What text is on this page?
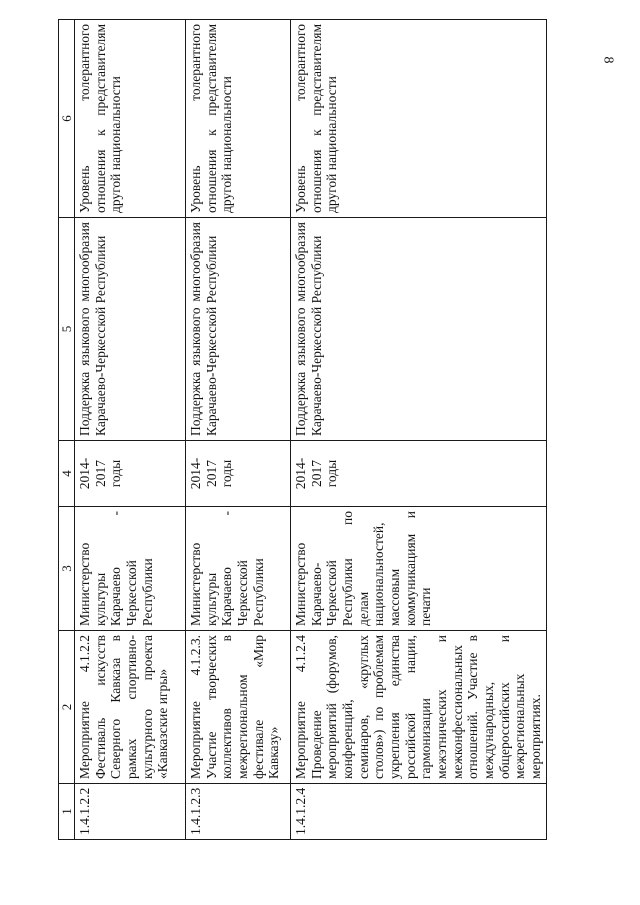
8
1	2	3	4	5	6
1.4.1.2.2	Мероприятие 4.1.2.2 Фестиваль искусств Северного Кавказа в рамках спортивно-культурного проекта «Кавказские игры»	Министерство культуры Карачаево - Черкесской Республики	2014-2017 годы	Поддержка языкового многообразия Карачаево-Черкесской Республики	Уровень толерантного отношения к представителям другой национальности
1.4.1.2.3	Мероприятие 4.1.2.3. Участие творческих коллективов в межрегиональном фестивале «Мир Кавказу»	Министерство культуры Карачаево - Черкесской Республики	2014-2017 годы	Поддержка языкового многообразия Карачаево-Черкесской Республики	Уровень толерантного отношения к представителям другой национальности
1.4.1.2.4	Мероприятие 4.1.2.4 Проведение мероприятий (форумов, конференций, семинаров, «круглых столов») по проблемам укрепления единства российской нации, гармонизации межэтнических и межконфессиональных отношений. Участие в международных, общероссийских и межрегиональных мероприятиях.	Министерство Карачаево-Черкесской Республики по делам национальностей, массовым коммуникациям и печати	2014-2017 годы	Поддержка языкового многообразия Карачаево-Черкесской Республики	Уровень толерантного отношения к представителям другой национальности
